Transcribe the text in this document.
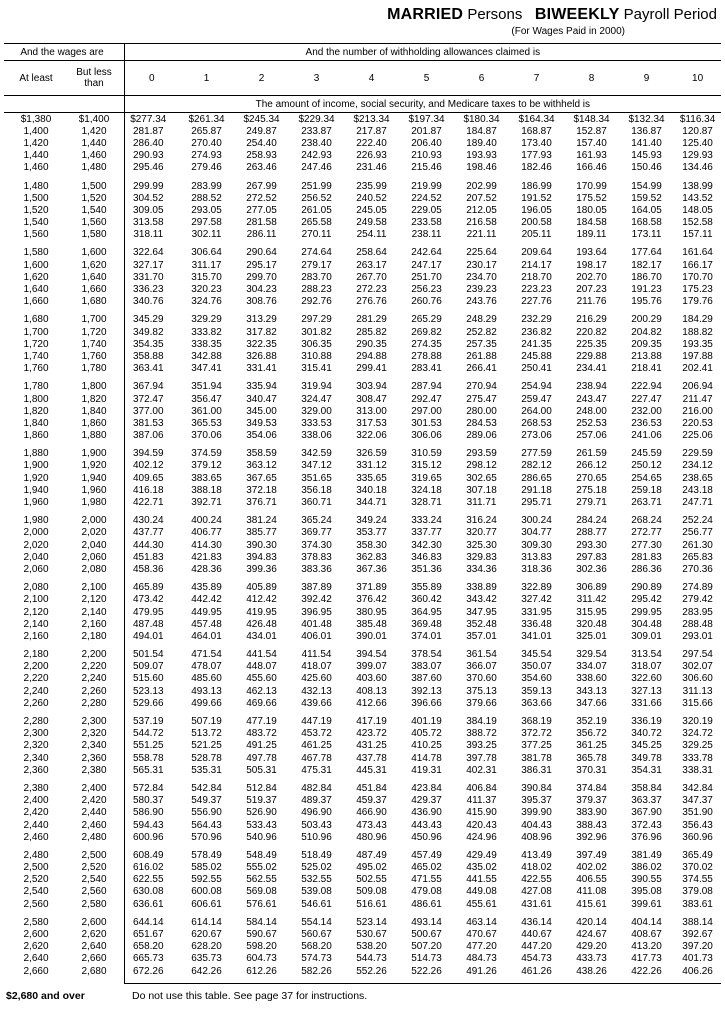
MARRIED Persons BIWEEKLY Payroll Period
(For Wages Paid in 2000)
And the wages are			And the number of withholding allowances claimed is										
At least	But less
than		0	1	2	3	4	5	6	7	8	9	10
			The amount of income, social security, and Medicare taxes to be withheld is										
$1,380	$1,400		$277.34	$261.34	$245.34	$229.34	$213.34	$197.34	$180.34	$164.34	$148.34	$132.34	$116.34
1,400	1,420		281.87	265.87	249.87	233.87	217.87	201.87	184.87	168.87	152.87	136.87	120.87
1,420	1,440		286.40	270.40	254.40	238.40	222.40	206.40	189.40	173.40	157.40	141.40	125.40
1,440	1,460		290.93	274.93	258.93	242.93	226.93	210.93	193.93	177.93	161.93	145.93	129.93
1,460	1,480		295.46	279.46	263.46	247.46	231.46	215.46	198.46	182.46	166.46	150.46	134.46

1,480	1,500		299.99	283.99	267.99	251.99	235.99	219.99	202.99	186.99	170.99	154.99	138.99
1,500	1,520		304.52	288.52	272.52	256.52	240.52	224.52	207.52	191.52	175.52	159.52	143.52
1,520	1,540		309.05	293.05	277.05	261.05	245.05	229.05	212.05	196.05	180.05	164.05	148.05
1,540	1,560		313.58	297.58	281.58	265.58	249.58	233.58	216.58	200.58	184.58	168.58	152.58
1,560	1,580		318.11	302.11	286.11	270.11	254.11	238.11	221.11	205.11	189.11	173.11	157.11

1,580	1,600		322.64	306.64	290.64	274.64	258.64	242.64	225.64	209.64	193.64	177.64	161.64
1,600	1,620		327.17	311.17	295.17	279.17	263.17	247.17	230.17	214.17	198.17	182.17	166.17
1,620	1,640		331.70	315.70	299.70	283.70	267.70	251.70	234.70	218.70	202.70	186.70	170.70
1,640	1,660		336.23	320.23	304.23	288.23	272.23	256.23	239.23	223.23	207.23	191.23	175.23
1,660	1,680		340.76	324.76	308.76	292.76	276.76	260.76	243.76	227.76	211.76	195.76	179.76

1,680	1,700		345.29	329.29	313.29	297.29	281.29	265.29	248.29	232.29	216.29	200.29	184.29
1,700	1,720		349.82	333.82	317.82	301.82	285.82	269.82	252.82	236.82	220.82	204.82	188.82
1,720	1,740		354.35	338.35	322.35	306.35	290.35	274.35	257.35	241.35	225.35	209.35	193.35
1,740	1,760		358.88	342.88	326.88	310.88	294.88	278.88	261.88	245.88	229.88	213.88	197.88
1,760	1,780		363.41	347.41	331.41	315.41	299.41	283.41	266.41	250.41	234.41	218.41	202.41

1,780	1,800		367.94	351.94	335.94	319.94	303.94	287.94	270.94	254.94	238.94	222.94	206.94
1,800	1,820		372.47	356.47	340.47	324.47	308.47	292.47	275.47	259.47	243.47	227.47	211.47
1,820	1,840		377.00	361.00	345.00	329.00	313.00	297.00	280.00	264.00	248.00	232.00	216.00
1,840	1,860		381.53	365.53	349.53	333.53	317.53	301.53	284.53	268.53	252.53	236.53	220.53
1,860	1,880		387.06	370.06	354.06	338.06	322.06	306.06	289.06	273.06	257.06	241.06	225.06

1,880	1,900		394.59	374.59	358.59	342.59	326.59	310.59	293.59	277.59	261.59	245.59	229.59
1,900	1,920		402.12	379.12	363.12	347.12	331.12	315.12	298.12	282.12	266.12	250.12	234.12
1,920	1,940		409.65	383.65	367.65	351.65	335.65	319.65	302.65	286.65	270.65	254.65	238.65
1,940	1,960		416.18	388.18	372.18	356.18	340.18	324.18	307.18	291.18	275.18	259.18	243.18
1,960	1,980		422.71	392.71	376.71	360.71	344.71	328.71	311.71	295.71	279.71	263.71	247.71

1,980	2,000		430.24	400.24	381.24	365.24	349.24	333.24	316.24	300.24	284.24	268.24	252.24
2,000	2,020		437.77	406.77	385.77	369.77	353.77	337.77	320.77	304.77	288.77	272.77	256.77
2,020	2,040		444.30	414.30	390.30	374.30	358.30	342.30	325.30	309.30	293.30	277.30	261.30
2,040	2,060		451.83	421.83	394.83	378.83	362.83	346.83	329.83	313.83	297.83	281.83	265.83
2,060	2,080		458.36	428.36	399.36	383.36	367.36	351.36	334.36	318.36	302.36	286.36	270.36

2,080	2,100		465.89	435.89	405.89	387.89	371.89	355.89	338.89	322.89	306.89	290.89	274.89
2,100	2,120		473.42	442.42	412.42	392.42	376.42	360.42	343.42	327.42	311.42	295.42	279.42
2,120	2,140		479.95	449.95	419.95	396.95	380.95	364.95	347.95	331.95	315.95	299.95	283.95
2,140	2,160		487.48	457.48	426.48	401.48	385.48	369.48	352.48	336.48	320.48	304.48	288.48
2,160	2,180		494.01	464.01	434.01	406.01	390.01	374.01	357.01	341.01	325.01	309.01	293.01

2,180	2,200		501.54	471.54	441.54	411.54	394.54	378.54	361.54	345.54	329.54	313.54	297.54
2,200	2,220		509.07	478.07	448.07	418.07	399.07	383.07	366.07	350.07	334.07	318.07	302.07
2,220	2,240		515.60	485.60	455.60	425.60	403.60	387.60	370.60	354.60	338.60	322.60	306.60
2,240	2,260		523.13	493.13	462.13	432.13	408.13	392.13	375.13	359.13	343.13	327.13	311.13
2,260	2,280		529.66	499.66	469.66	439.66	412.66	396.66	379.66	363.66	347.66	331.66	315.66

2,280	2,300		537.19	507.19	477.19	447.19	417.19	401.19	384.19	368.19	352.19	336.19	320.19
2,300	2,320		544.72	513.72	483.72	453.72	423.72	405.72	388.72	372.72	356.72	340.72	324.72
2,320	2,340		551.25	521.25	491.25	461.25	431.25	410.25	393.25	377.25	361.25	345.25	329.25
2,340	2,360		558.78	528.78	497.78	467.78	437.78	414.78	397.78	381.78	365.78	349.78	333.78
2,360	2,380		565.31	535.31	505.31	475.31	445.31	419.31	402.31	386.31	370.31	354.31	338.31

2,380	2,400		572.84	542.84	512.84	482.84	451.84	423.84	406.84	390.84	374.84	358.84	342.84
2,400	2,420		580.37	549.37	519.37	489.37	459.37	429.37	411.37	395.37	379.37	363.37	347.37
2,420	2,440		586.90	556.90	526.90	496.90	466.90	436.90	415.90	399.90	383.90	367.90	351.90
2,440	2,460		594.43	564.43	533.43	503.43	473.43	443.43	420.43	404.43	388.43	372.43	356.43
2,460	2,480		600.96	570.96	540.96	510.96	480.96	450.96	424.96	408.96	392.96	376.96	360.96

2,480	2,500		608.49	578.49	548.49	518.49	487.49	457.49	429.49	413.49	397.49	381.49	365.49
2,500	2,520		616.02	585.02	555.02	525.02	495.02	465.02	435.02	418.02	402.02	386.02	370.02
2,520	2,540		622.55	592.55	562.55	532.55	502.55	471.55	441.55	422.55	406.55	390.55	374.55
2,540	2,560		630.08	600.08	569.08	539.08	509.08	479.08	449.08	427.08	411.08	395.08	379.08
2,560	2,580		636.61	606.61	576.61	546.61	516.61	486.61	455.61	431.61	415.61	399.61	383.61

2,580	2,600		644.14	614.14	584.14	554.14	523.14	493.14	463.14	436.14	420.14	404.14	388.14
2,600	2,620		651.67	620.67	590.67	560.67	530.67	500.67	470.67	440.67	424.67	408.67	392.67
2,620	2,640		658.20	628.20	598.20	568.20	538.20	507.20	477.20	447.20	429.20	413.20	397.20
2,640	2,660		665.73	635.73	604.73	574.73	544.73	514.73	484.73	454.73	433.73	417.73	401.73
2,660	2,680		672.26	642.26	612.26	582.26	552.26	522.26	491.26	461.26	438.26	422.26	406.26

$2,680 and over	Do not use this table. See page 37 for instructions.
